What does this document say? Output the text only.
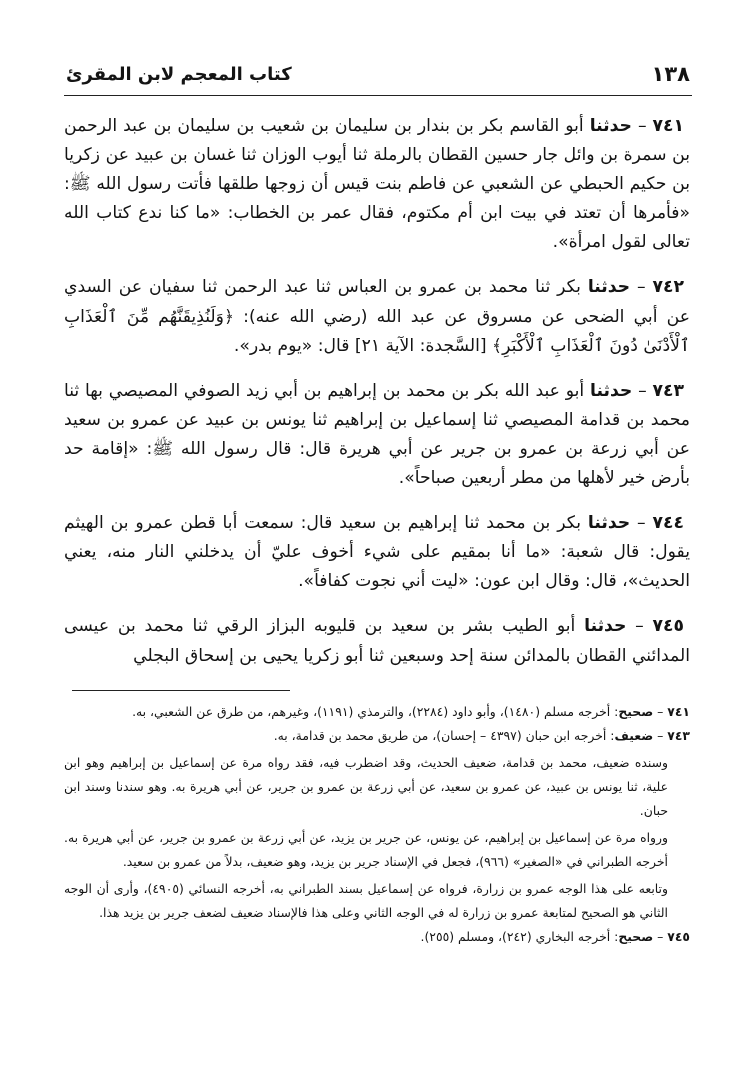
١٣٨
كتاب المعجم لابن المقرئ

٧٤١ – حدثنا أبو القاسم بكر بن بندار بن سليمان بن شعيب بن سليمان بن عبد الرحمن بن سمرة بن وائل جار حسين القطان بالرملة ثنا أيوب الوزان ثنا غسان بن عبيد عن زكريا بن حكيم الحبطي عن الشعبي عن فاطم بنت قيس أن زوجها طلقها فأتت رسول الله ﷺ: «فأمرها أن تعتد في بيت ابن أم مكتوم، فقال عمر بن الخطاب: «ما كنا ندع كتاب الله تعالى لقول امرأة».

٧٤٢ – حدثنا بكر ثنا محمد بن عمرو بن العباس ثنا عبد الرحمن ثنا سفيان عن السدي عن أبي الضحى عن مسروق عن عبد الله (رضي الله عنه): ﴿وَلَنُذِيقَنَّهُم مِّنَ ٱلْعَذَابِ ٱلْأَدْنَىٰ دُونَ ٱلْعَذَابِ ٱلْأَكْبَرِ﴾ [السَّجدة: الآية ٢١] قال: «يوم بدر».

٧٤٣ – حدثنا أبو عبد الله بكر بن محمد بن إبراهيم بن أبي زيد الصوفي المصيصي بها ثنا محمد بن قدامة المصيصي ثنا إسماعيل بن إبراهيم ثنا يونس بن عبيد عن عمرو بن سعيد عن أبي زرعة بن عمرو بن جرير عن أبي هريرة قال: قال رسول الله ﷺ: «إقامة حد بأرض خير لأهلها من مطر أربعين صباحاً».

٧٤٤ – حدثنا بكر بن محمد ثنا إبراهيم بن سعيد قال: سمعت أبا قطن عمرو بن الهيثم يقول: قال شعبة: «ما أنا بمقيم على شيء أخوف عليّ أن يدخلني النار منه، يعني الحديث»، قال: وقال ابن عون: «ليت أني نجوت كفافاً».

٧٤٥ – حدثنا أبو الطيب بشر بن سعيد بن قليوبه البزاز الرقي ثنا محمد بن عيسى المدائني القطان بالمدائن سنة إحد وسبعين ثنا أبو زكريا يحيى بن إسحاق البجلي

٧٤١ – صحيح: أخرجه مسلم (١٤٨٠)، وأبو داود (٢٢٨٤)، والترمذي (١١٩١)، وغيرهم، من طرق عن الشعبي، به.

٧٤٣ – ضعيف: أخرجه ابن حبان (٤٣٩٧ – إحسان)، من طريق محمد بن قدامة، به.

وسنده ضعيف، محمد بن قدامة، ضعيف الحديث، وقد اضطرب فيه، فقد رواه مرة عن إسماعيل بن إبراهيم وهو ابن علية، ثنا يونس بن عبيد، عن عمرو بن سعيد، عن أبي زرعة بن عمرو بن جرير، عن أبي هريرة به. وهو سندنا وسند ابن حبان.

ورواه مرة عن إسماعيل بن إبراهيم، عن يونس، عن جرير بن يزيد، عن أبي زرعة بن عمرو بن جرير، عن أبي هريرة به. أخرجه الطبراني في «الصغير» (٩٦٦)، فجعل في الإسناد جرير بن يزيد، وهو ضعيف، بدلاً من عمرو بن سعيد.

وتابعه على هذا الوجه عمرو بن زرارة، فرواه عن إسماعيل بسند الطبراني به، أخرجه النسائي (٤٩٠٥)، وأرى أن الوجه الثاني هو الصحيح لمتابعة عمرو بن زرارة له في الوجه الثاني وعلى هذا فالإسناد ضعيف لضعف جرير بن يزيد هذا.

٧٤٥ – صحيح: أخرجه البخاري (٢٤٢)، ومسلم (٢٥٥).
